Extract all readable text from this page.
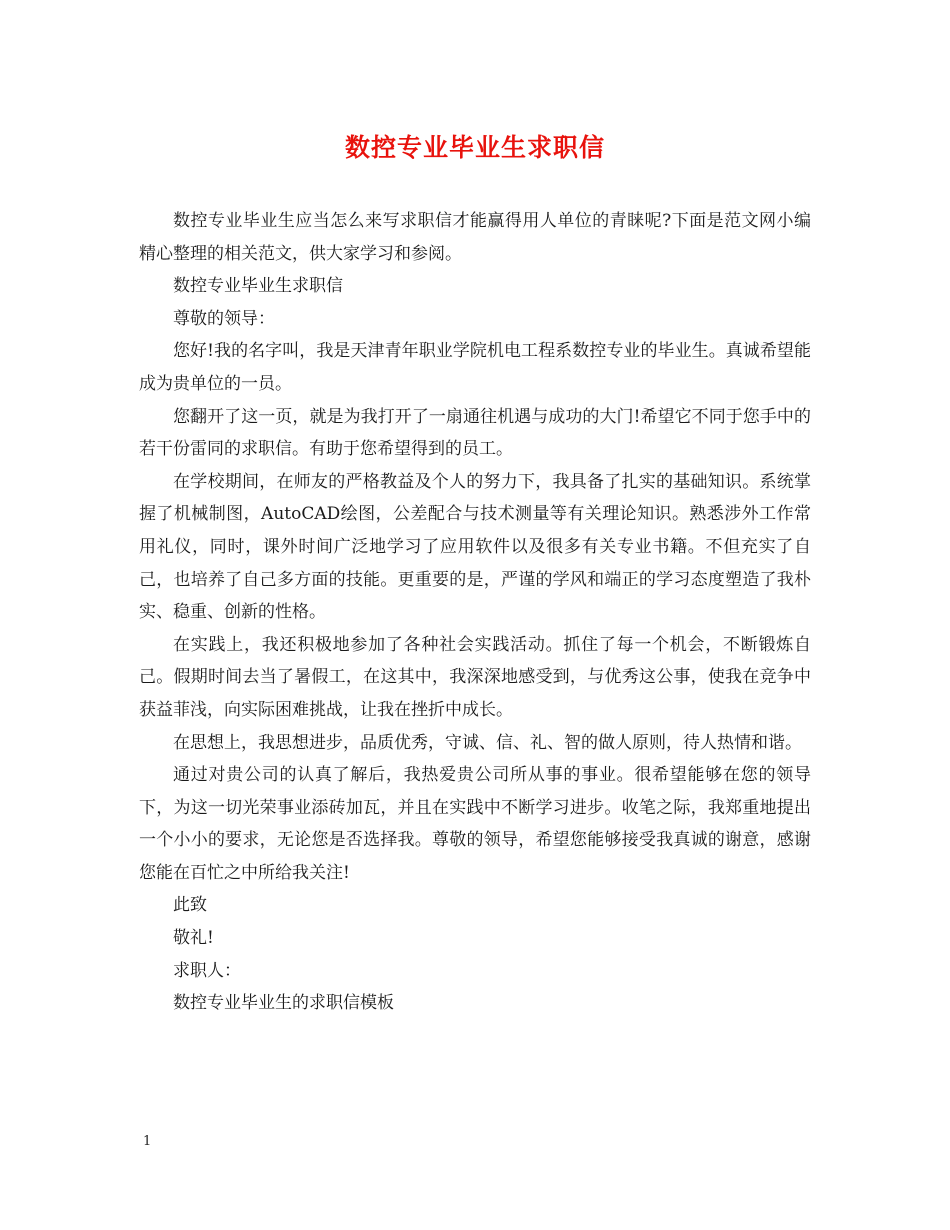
数控专业毕业生求职信

数控专业毕业生应当怎么来写求职信才能赢得用人单位的青睐呢?下面是范文网小编精心整理的相关范文，供大家学习和参阅。

数控专业毕业生求职信

尊敬的领导：

您好!我的名字叫，我是天津青年职业学院机电工程系数控专业的毕业生。真诚希望能成为贵单位的一员。

您翻开了这一页，就是为我打开了一扇通往机遇与成功的大门!希望它不同于您手中的若干份雷同的求职信。有助于您希望得到的员工。

在学校期间，在师友的严格教益及个人的努力下，我具备了扎实的基础知识。系统掌握了机械制图，AutoCAD绘图，公差配合与技术测量等有关理论知识。熟悉涉外工作常用礼仪，同时，课外时间广泛地学习了应用软件以及很多有关专业书籍。不但充实了自己，也培养了自己多方面的技能。更重要的是，严谨的学风和端正的学习态度塑造了我朴实、稳重、创新的性格。

在实践上，我还积极地参加了各种社会实践活动。抓住了每一个机会，不断锻炼自己。假期时间去当了暑假工，在这其中，我深深地感受到，与优秀这公事，使我在竞争中获益菲浅，向实际困难挑战，让我在挫折中成长。

在思想上，我思想进步，品质优秀，守诚、信、礼、智的做人原则，待人热情和谐。

通过对贵公司的认真了解后，我热爱贵公司所从事的事业。很希望能够在您的领导下，为这一切光荣事业添砖加瓦，并且在实践中不断学习进步。收笔之际，我郑重地提出一个小小的要求，无论您是否选择我。尊敬的领导，希望您能够接受我真诚的谢意，感谢您能在百忙之中所给我关注!

此致

敬礼!

求职人：

数控专业毕业生的求职信模板

1
